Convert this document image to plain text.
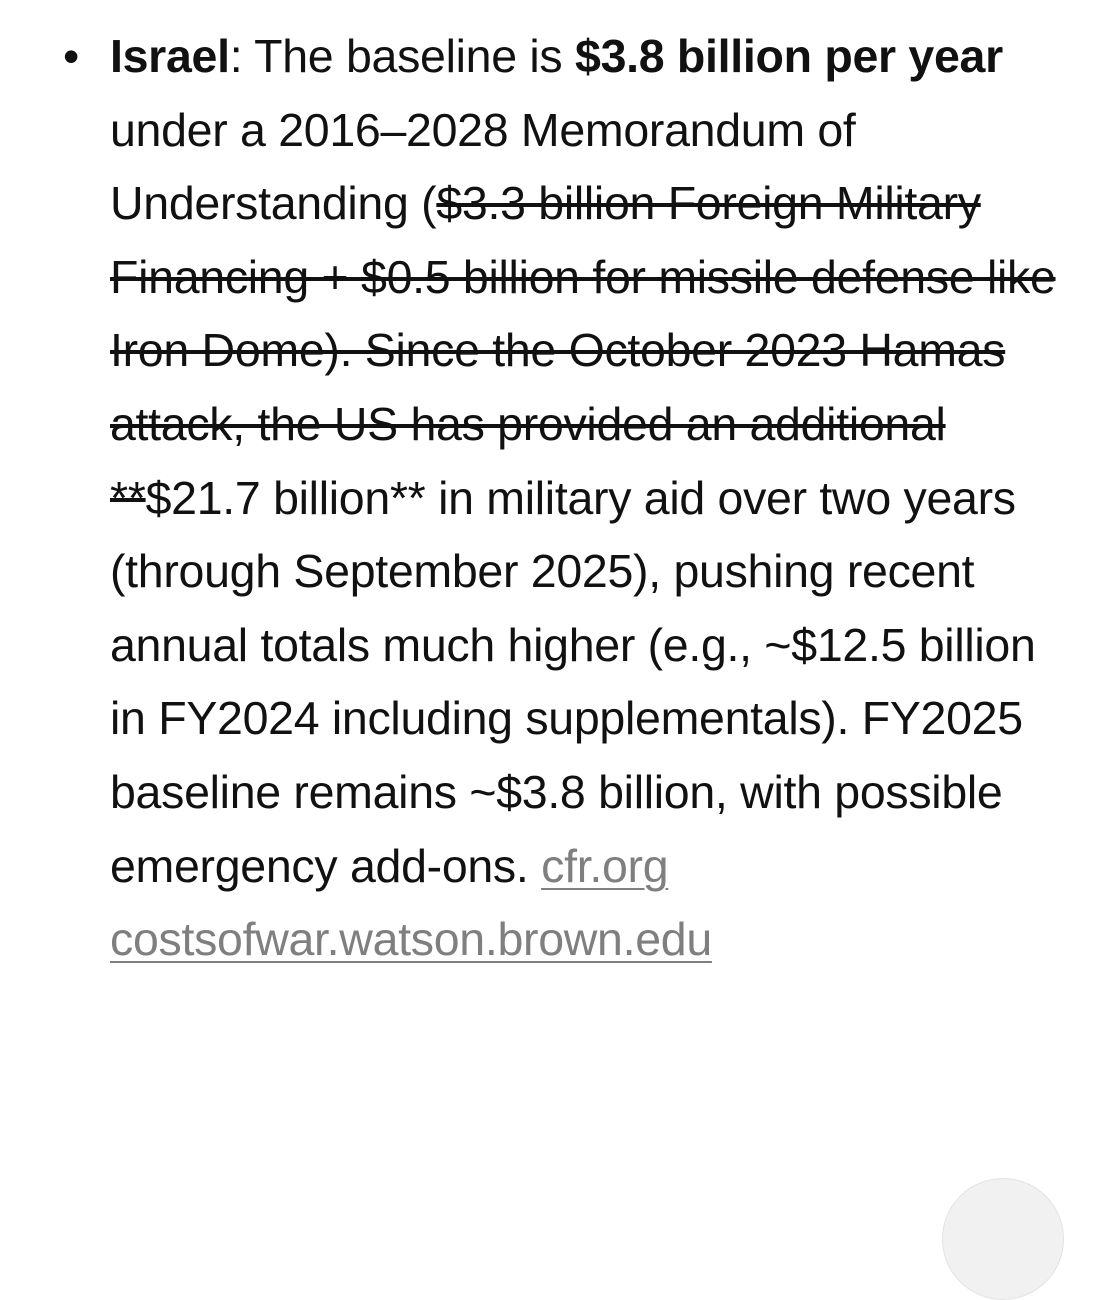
• Israel: The baseline is $3.8 billion per year under a 2016–2028 Memorandum of Understanding ($3.3 billion Foreign Military Financing + $0.5 billion for missile defense like Iron Dome). Since the October 2023 Hamas attack, the US has provided an additional **$21.7 billion** in military aid over two years (through September 2025), pushing recent annual totals much higher (e.g., ~$12.5 billion in FY2024 including supplementals). FY2025 baseline remains ~$3.8 billion, with possible emergency add-ons. cfr.org costsofwar.watson.brown.edu
